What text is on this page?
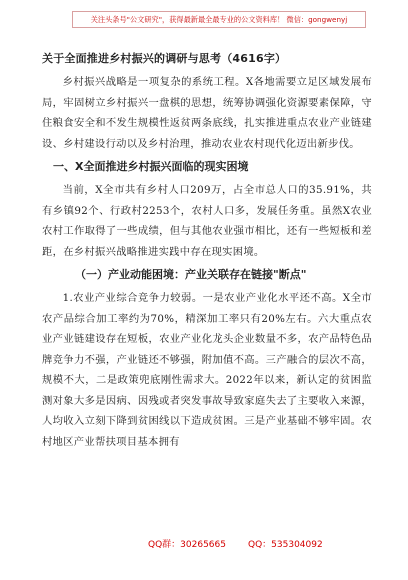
关注头条号"公文研究"，获得最新最全最专业的公文资料库！ 微信：gongwenyj
关于全面推进乡村振兴的调研与思考（4616字）

乡村振兴战略是一项复杂的系统工程。X各地需要立足区域发展布局，牢固树立乡村振兴一盘棋的思想，统筹协调强化资源要素保障，守住粮食安全和不发生规模性返贫两条底线，扎实推进重点农业产业链建设、乡村建设行动以及乡村治理，推动农业农村现代化迈出新步伐。

一、X全面推进乡村振兴面临的现实困境

当前，X全市共有乡村人口209万，占全市总人口的35.91%，共有乡镇92个、行政村2253个，农村人口多，发展任务重。虽然X农业农村工作取得了一些成绩，但与其他农业强市相比，还有一些短板和差距，在乡村振兴战略推进实践中存在现实困境。

（一）产业动能困境：产业关联存在链接"断点"

1.农业产业综合竞争力较弱。一是农业产业化水平还不高。X全市农产品综合加工率约为70%，精深加工率只有20%左右。六大重点农业产业链建设存在短板，农业产业化龙头企业数量不多，农产品特色品牌竞争力不强，产业链还不够强，附加值不高。三产融合的层次不高，规模不大，二是政策兜底刚性需求大。2022年以来，新认定的贫困监测对象大多是因病、因残或者突发事故导致家庭失去了主要收入来源，人均收入立刻下降到贫困线以下造成贫困。三是产业基础不够牢固。农村地区产业帮扶项目基本拥有

QQ群：30265665 QQ：535304092
